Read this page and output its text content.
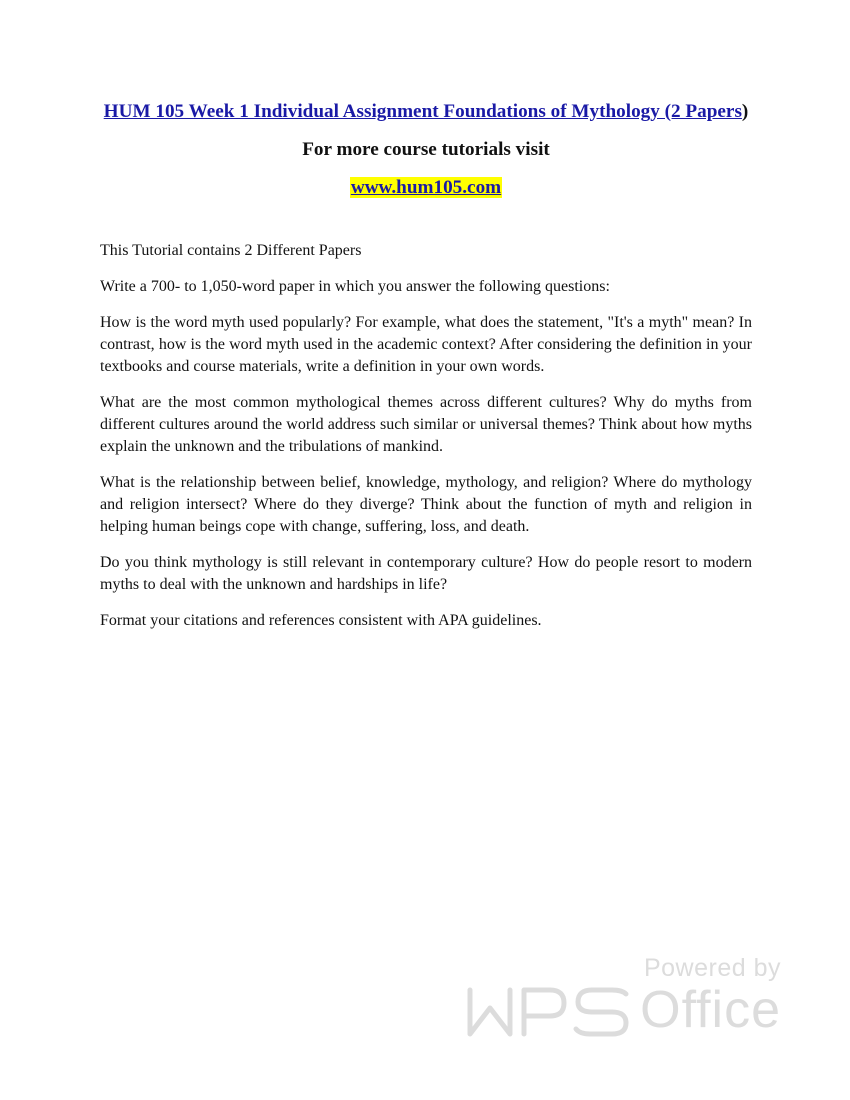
HUM 105 Week 1 Individual Assignment Foundations of Mythology (2 Papers)
For more course tutorials visit
www.hum105.com

This Tutorial contains 2 Different Papers

Write a 700- to 1,050-word paper in which you answer the following questions:

How is the word myth used popularly? For example, what does the statement, "It's a myth" mean? In contrast, how is the word myth used in the academic context? After considering the definition in your textbooks and course materials, write a definition in your own words.

What are the most common mythological themes across different cultures? Why do myths from different cultures around the world address such similar or universal themes? Think about how myths explain the unknown and the tribulations of mankind.

What is the relationship between belief, knowledge, mythology, and religion? Where do mythology and religion intersect? Where do they diverge? Think about the function of myth and religion in helping human beings cope with change, suffering, loss, and death.

Do you think mythology is still relevant in contemporary culture? How do people resort to modern myths to deal with the unknown and hardships in life?

Format your citations and references consistent with APA guidelines.

Powered by
Office
